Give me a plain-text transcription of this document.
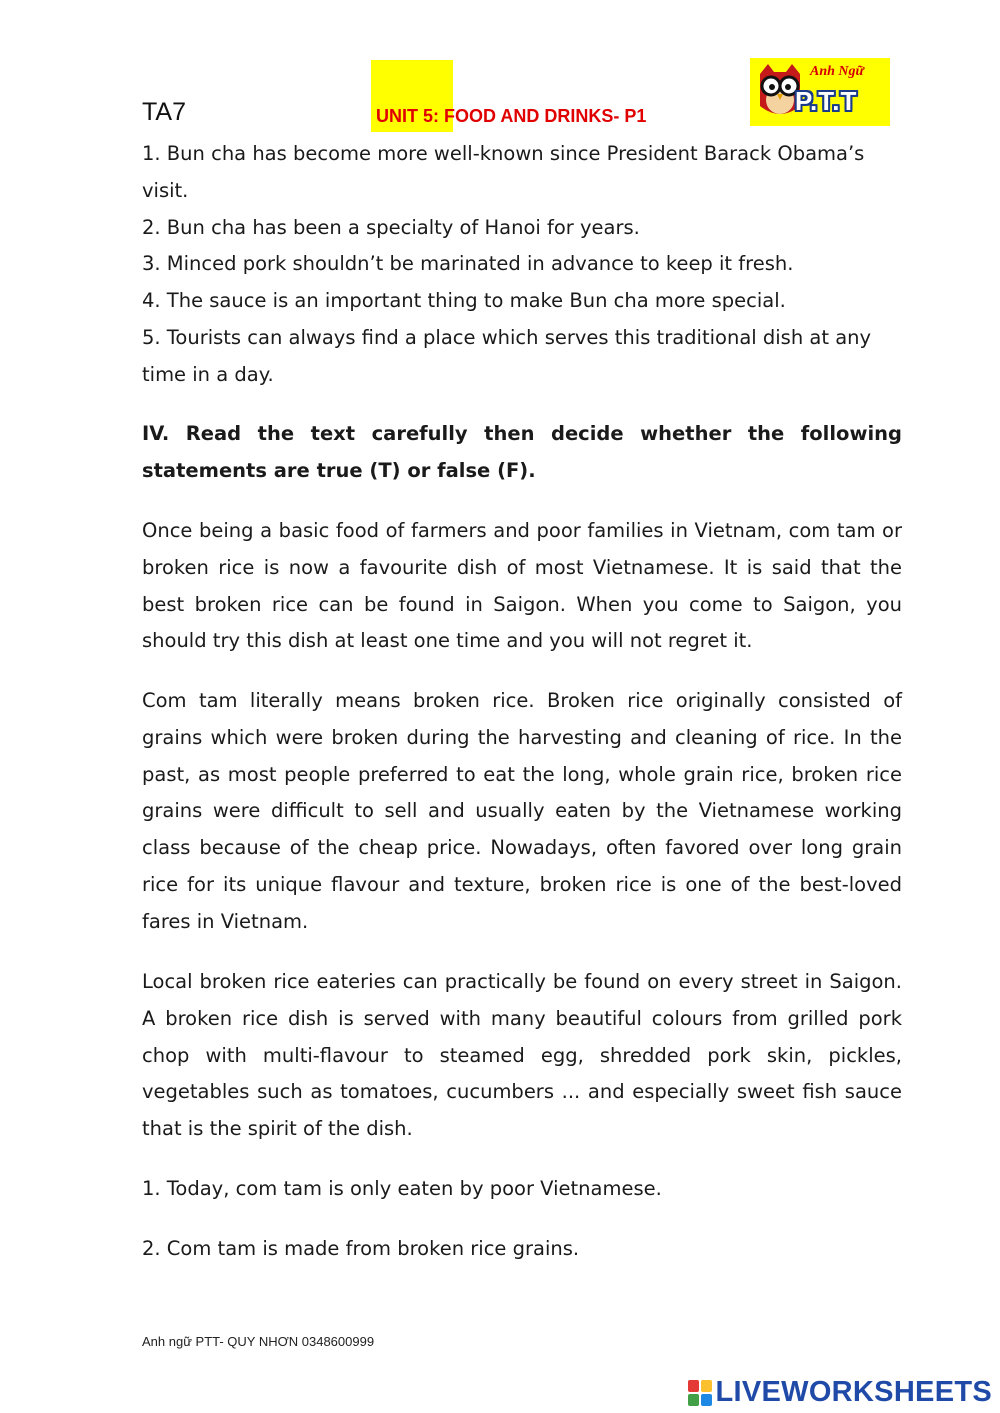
TA7	UNIT 5: FOOD AND DRINKS- P1
Anh Ngữ
P.T.T

1. Bun cha has become more well-known since President Barack Obama’s visit.

2. Bun cha has been a specialty of Hanoi for years.

3. Minced pork shouldn’t be marinated in advance to keep it fresh.

4. The sauce is an important thing to make Bun cha more special.

5. Tourists can always find a place which serves this traditional dish at any time in a day.

IV. Read the text carefully then decide whether the following statements are true (T) or false (F).

Once being a basic food of farmers and poor families in Vietnam, com tam or broken rice is now a favourite dish of most Vietnamese. It is said that the best broken rice can be found in Saigon. When you come to Saigon, you should try this dish at least one time and you will not regret it.

Com tam literally means broken rice. Broken rice originally consisted of grains which were broken during the harvesting and cleaning of rice. In the past, as most people preferred to eat the long, whole grain rice, broken rice grains were difficult to sell and usually eaten by the Vietnamese working class because of the cheap price. Nowadays, often favored over long grain rice for its unique flavour and texture, broken rice is one of the best-loved fares in Vietnam.

Local broken rice eateries can practically be found on every street in Saigon. A broken rice dish is served with many beautiful colours from grilled pork chop with multi-flavour to steamed egg, shredded pork skin, pickles, vegetables such as tomatoes, cucumbers ... and especially sweet fish sauce that is the spirit of the dish.

1. Today, com tam is only eaten by poor Vietnamese.

2. Com tam is made from broken rice grains.

Anh ngữ PTT- QUY NHƠN 0348600999
LIVEWORKSHEETS
